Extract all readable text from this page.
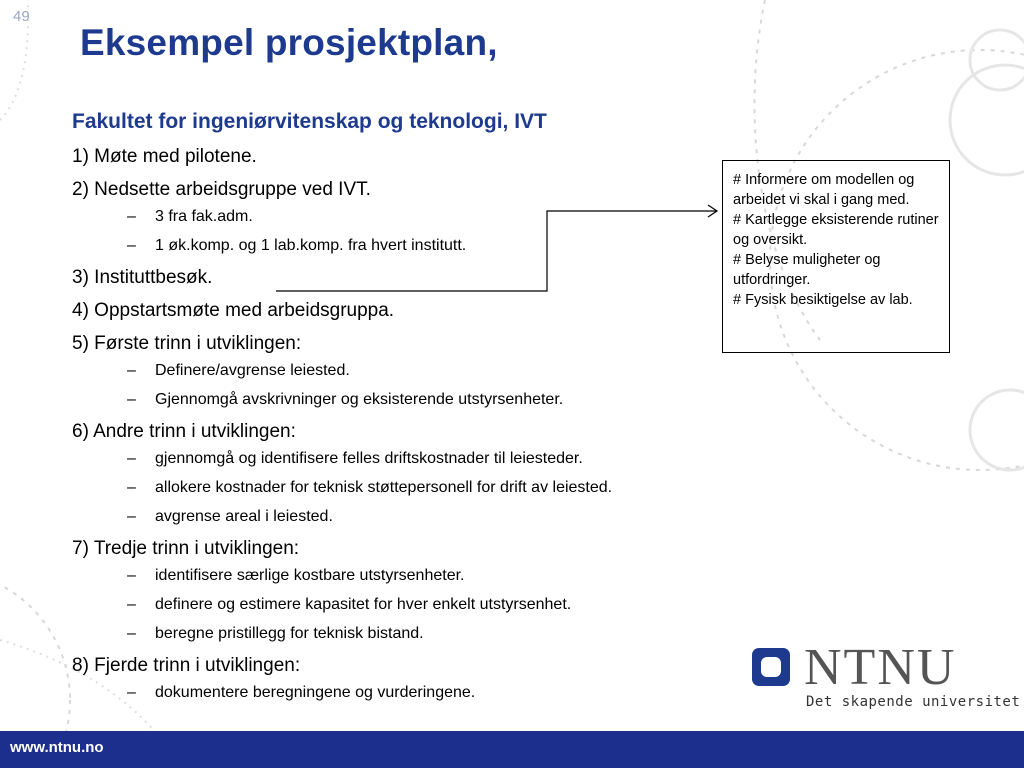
49
Eksempel prosjektplan,
Fakultet for ingeniørvitenskap og teknologi, IVT
1) Møte med pilotene.
2) Nedsette arbeidsgruppe ved IVT.
– 3 fra fak.adm.
– 1 øk.komp. og 1 lab.komp. fra hvert institutt.
3) Instituttbesøk.
4) Oppstartsmøte med arbeidsgruppa.
5) Første trinn i utviklingen:
– Definere/avgrense leiested.
– Gjennomgå avskrivninger og eksisterende utstyrsenheter.
6) Andre trinn i utviklingen:
– gjennomgå og identifisere felles driftskostnader til leiesteder.
– allokere kostnader for teknisk støttepersonell for drift av leiested.
– avgrense areal i leiested.
7) Tredje trinn i utviklingen:
– identifisere særlige kostbare utstyrsenheter.
– definere og estimere kapasitet for hver enkelt utstyrsenhet.
– beregne pristillegg for teknisk bistand.
8) Fjerde trinn i utviklingen:
– dokumentere beregningene og vurderingene.

# Informere om modellen og arbeidet vi skal i gang med.

# Kartlegge eksisterende rutiner og oversikt.

# Belyse muligheter og utfordringer.

# Fysisk besiktigelse av lab.

NTNU
Det skapende universitet
www.ntnu.no
